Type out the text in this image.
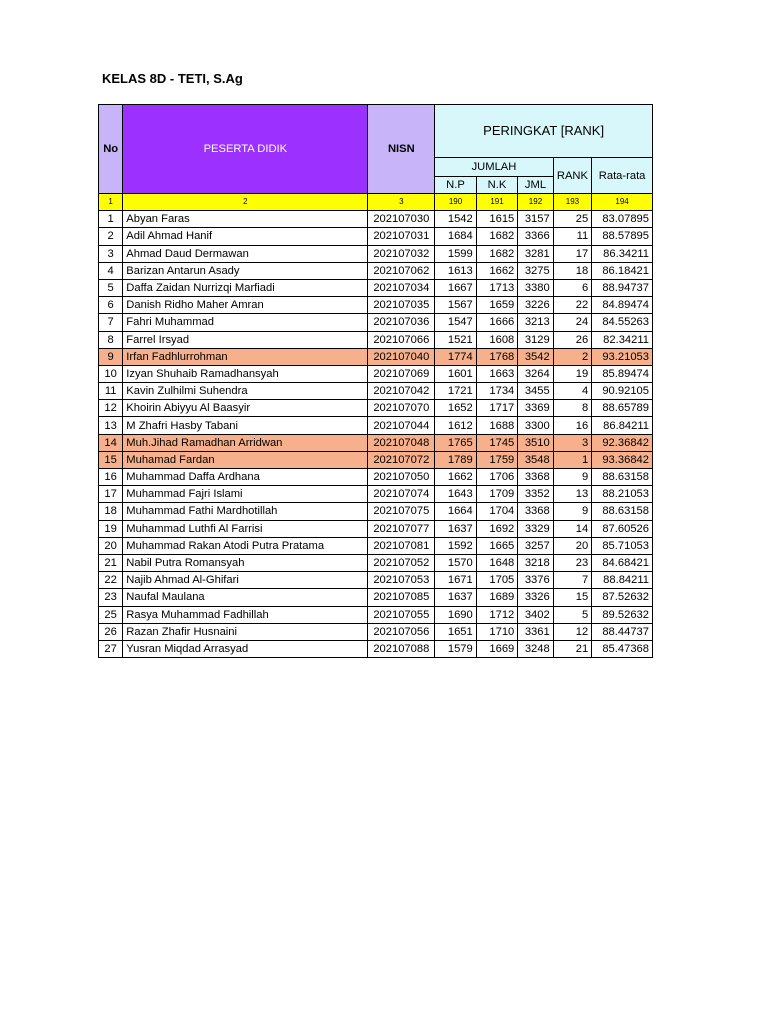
KELAS 8D - TETI, S.Ag
No	PESERTA DIDIK	NISN	PERINGKAT [RANK]				
			JUMLAH			RANK	Rata-rata
			N.P	N.K	JML		
1	2	3	190	191	192	193	194
1	Abyan Faras	202107030	1542	1615	3157	25	83.07895
2	Adil Ahmad Hanif	202107031	1684	1682	3366	11	88.57895
3	Ahmad Daud Dermawan	202107032	1599	1682	3281	17	86.34211
4	Barizan Antarun Asady	202107062	1613	1662	3275	18	86.18421
5	Daffa Zaidan Nurrizqi Marfiadi	202107034	1667	1713	3380	6	88.94737
6	Danish Ridho Maher Amran	202107035	1567	1659	3226	22	84.89474
7	Fahri Muhammad	202107036	1547	1666	3213	24	84.55263
8	Farrel Irsyad	202107066	1521	1608	3129	26	82.34211
9	Irfan Fadhlurrohman	202107040	1774	1768	3542	2	93.21053
10	Izyan Shuhaib Ramadhansyah	202107069	1601	1663	3264	19	85.89474
11	Kavin Zulhilmi Suhendra	202107042	1721	1734	3455	4	90.92105
12	Khoirin Abiyyu Al Baasyir	202107070	1652	1717	3369	8	88.65789
13	M Zhafri Hasby Tabani	202107044	1612	1688	3300	16	86.84211
14	Muh.Jihad Ramadhan Arridwan	202107048	1765	1745	3510	3	92.36842
15	Muhamad Fardan	202107072	1789	1759	3548	1	93.36842
16	Muhammad Daffa Ardhana	202107050	1662	1706	3368	9	88.63158
17	Muhammad Fajri Islami	202107074	1643	1709	3352	13	88.21053
18	Muhammad Fathi Mardhotillah	202107075	1664	1704	3368	9	88.63158
19	Muhammad Luthfi Al Farrisi	202107077	1637	1692	3329	14	87.60526
20	Muhammad Rakan Atodi Putra Pratama	202107081	1592	1665	3257	20	85.71053
21	Nabil Putra Romansyah	202107052	1570	1648	3218	23	84.68421
22	Najib Ahmad Al-Ghifari	202107053	1671	1705	3376	7	88.84211
23	Naufal Maulana	202107085	1637	1689	3326	15	87.52632
25	Rasya Muhammad Fadhillah	202107055	1690	1712	3402	5	89.52632
26	Razan Zhafir Husnaini	202107056	1651	1710	3361	12	88.44737
27	Yusran Miqdad Arrasyad	202107088	1579	1669	3248	21	85.47368
